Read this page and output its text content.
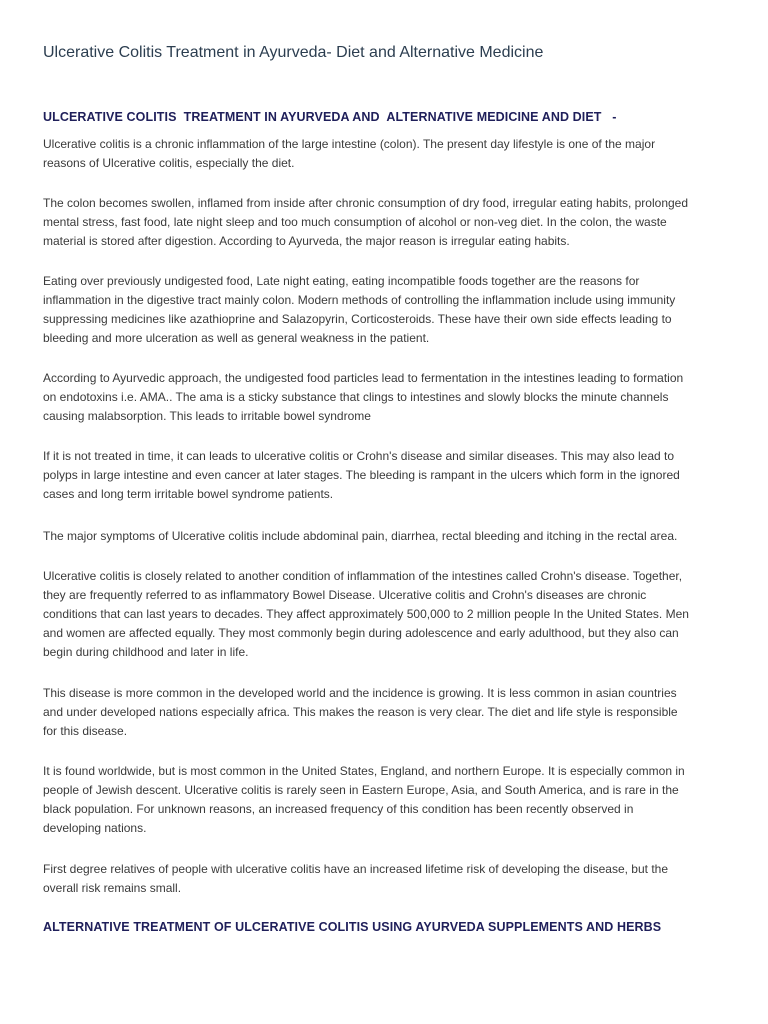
Ulcerative Colitis Treatment in Ayurveda- Diet and Alternative Medicine
ULCERATIVE COLITIS  TREATMENT IN AYURVEDA AND  ALTERNATIVE MEDICINE AND DIET   -

Ulcerative colitis is a chronic inflammation of the large intestine (colon). The present day lifestyle is one of the major
reasons of Ulcerative colitis, especially the diet.

The colon becomes swollen, inflamed from inside after chronic consumption of dry food, irregular eating habits, prolonged
mental stress, fast food, late night sleep and too much consumption of alcohol or non-veg diet. In the colon, the waste
material is stored after digestion. According to Ayurveda, the major reason is irregular eating habits.

Eating over previously undigested food, Late night eating, eating incompatible foods together are the reasons for
inflammation in the digestive tract mainly colon. Modern methods of controlling the inflammation include using immunity
suppressing medicines like azathioprine and Salazopyrin, Corticosteroids. These have their own side effects leading to
bleeding and more ulceration as well as general weakness in the patient.

According to Ayurvedic approach, the undigested food particles lead to fermentation in the intestines leading to formation
on endotoxins i.e. AMA.. The ama is a sticky substance that clings to intestines and slowly blocks the minute channels
causing malabsorption. This leads to irritable bowel syndrome

If it is not treated in time, it can leads to ulcerative colitis or Crohn's disease and similar diseases. This may also lead to
polyps in large intestine and even cancer at later stages. The bleeding is rampant in the ulcers which form in the ignored
cases and long term irritable bowel syndrome patients.

The major symptoms of Ulcerative colitis include abdominal pain, diarrhea, rectal bleeding and itching in the rectal area.

Ulcerative colitis is closely related to another condition of inflammation of the intestines called Crohn's disease. Together,
they are frequently referred to as inflammatory Bowel Disease. Ulcerative colitis and Crohn's diseases are chronic
conditions that can last years to decades. They affect approximately 500,000 to 2 million people In the United States. Men
and women are affected equally. They most commonly begin during adolescence and early adulthood, but they also can
begin during childhood and later in life.

This disease is more common in the developed world and the incidence is growing. It is less common in asian countries
and under developed nations especially africa. This makes the reason is very clear. The diet and life style is responsible
for this disease.

It is found worldwide, but is most common in the United States, England, and northern Europe. It is especially common in
people of Jewish descent. Ulcerative colitis is rarely seen in Eastern Europe, Asia, and South America, and is rare in the
black population. For unknown reasons, an increased frequency of this condition has been recently observed in
developing nations.

First degree relatives of people with ulcerative colitis have an increased lifetime risk of developing the disease, but the
overall risk remains small.

ALTERNATIVE TREATMENT OF ULCERATIVE COLITIS USING AYURVEDA SUPPLEMENTS AND HERBS
